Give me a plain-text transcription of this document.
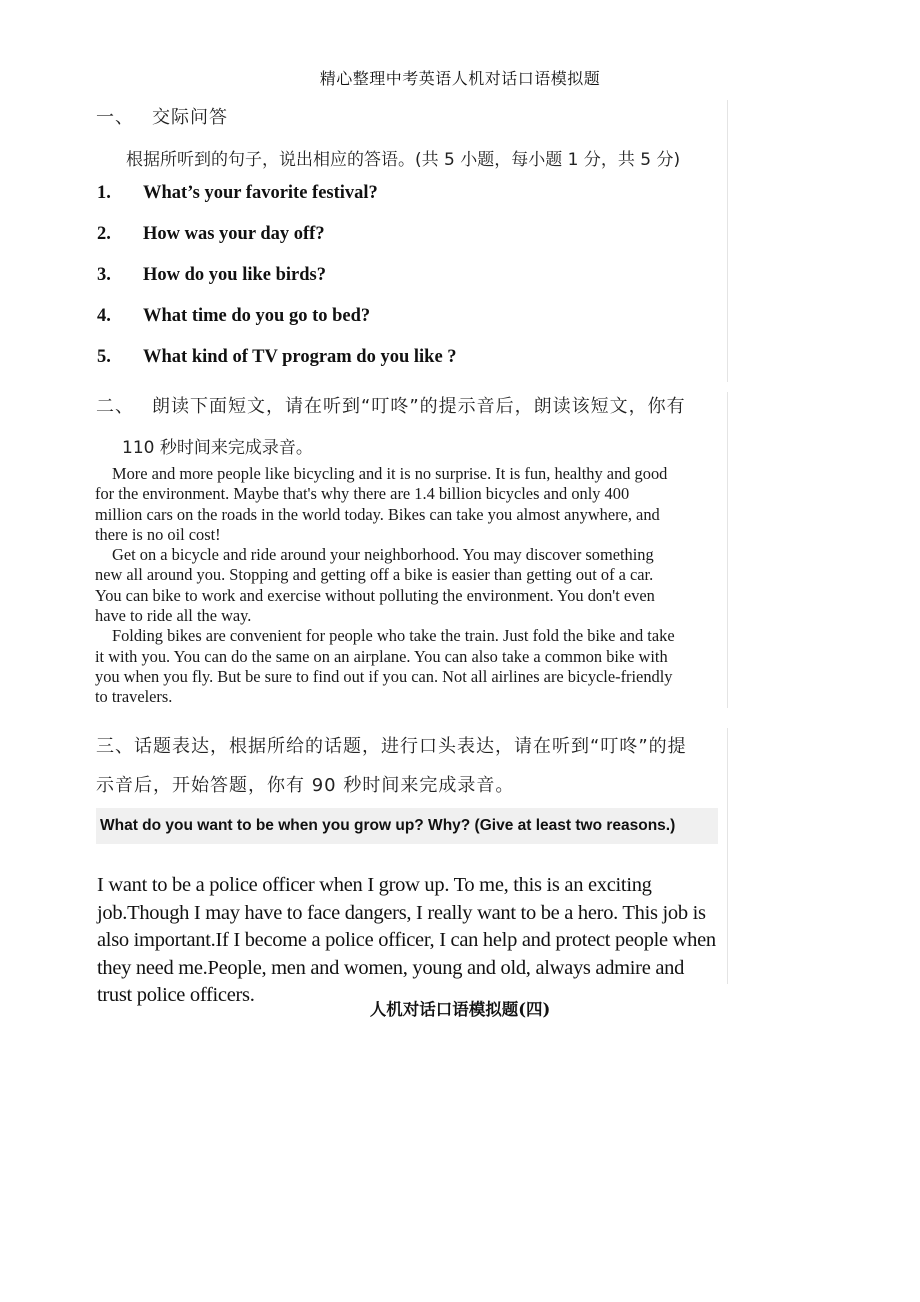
精心整理中考英语人机对话口语模拟题
一、 交际问答
根据所听到的句子，说出相应的答语。(共 5 小题，每小题 1 分，共 5 分)
1. What’s your favorite festival?
2. How was your day off?
3. How do you like birds?
4. What time do you go to bed?
5. What kind of TV program do you like ?
二、 朗读下面短文，请在听到“叮咚”的提示音后，朗读该短文，你有
110 秒时间来完成录音。

More and more people like bicycling and it is no surprise. It is fun, healthy and good for the environment. Maybe that's why there are 1.4 billion bicycles and only 400 million cars on the roads in the world today. Bikes can take you almost anywhere, and there is no oil cost!

Get on a bicycle and ride around your neighborhood. You may discover something new all around you. Stopping and getting off a bike is easier than getting out of a car. You can bike to work and exercise without polluting the environment. You don't even have to ride all the way.

Folding bikes are convenient for people who take the train. Just fold the bike and take it with you. You can do the same on an airplane. You can also take a common bike with you when you fly. But be sure to find out if you can. Not all airlines are bicycle-friendly to travelers.

三、话题表达，根据所给的话题，进行口头表达，请在听到“叮咚”的提
示音后，开始答题，你有 90 秒时间来完成录音。
What do you want to be when you grow up? Why? (Give at least two reasons.)

I want to be a police officer when I grow up. To me, this is an exciting job.Though I may have to face dangers, I really want to be a hero. This job is also important.If I become a police officer, I can help and protect people when they need me.People, men and women, young and old, always admire and trust police officers.

人机对话口语模拟题(四)
